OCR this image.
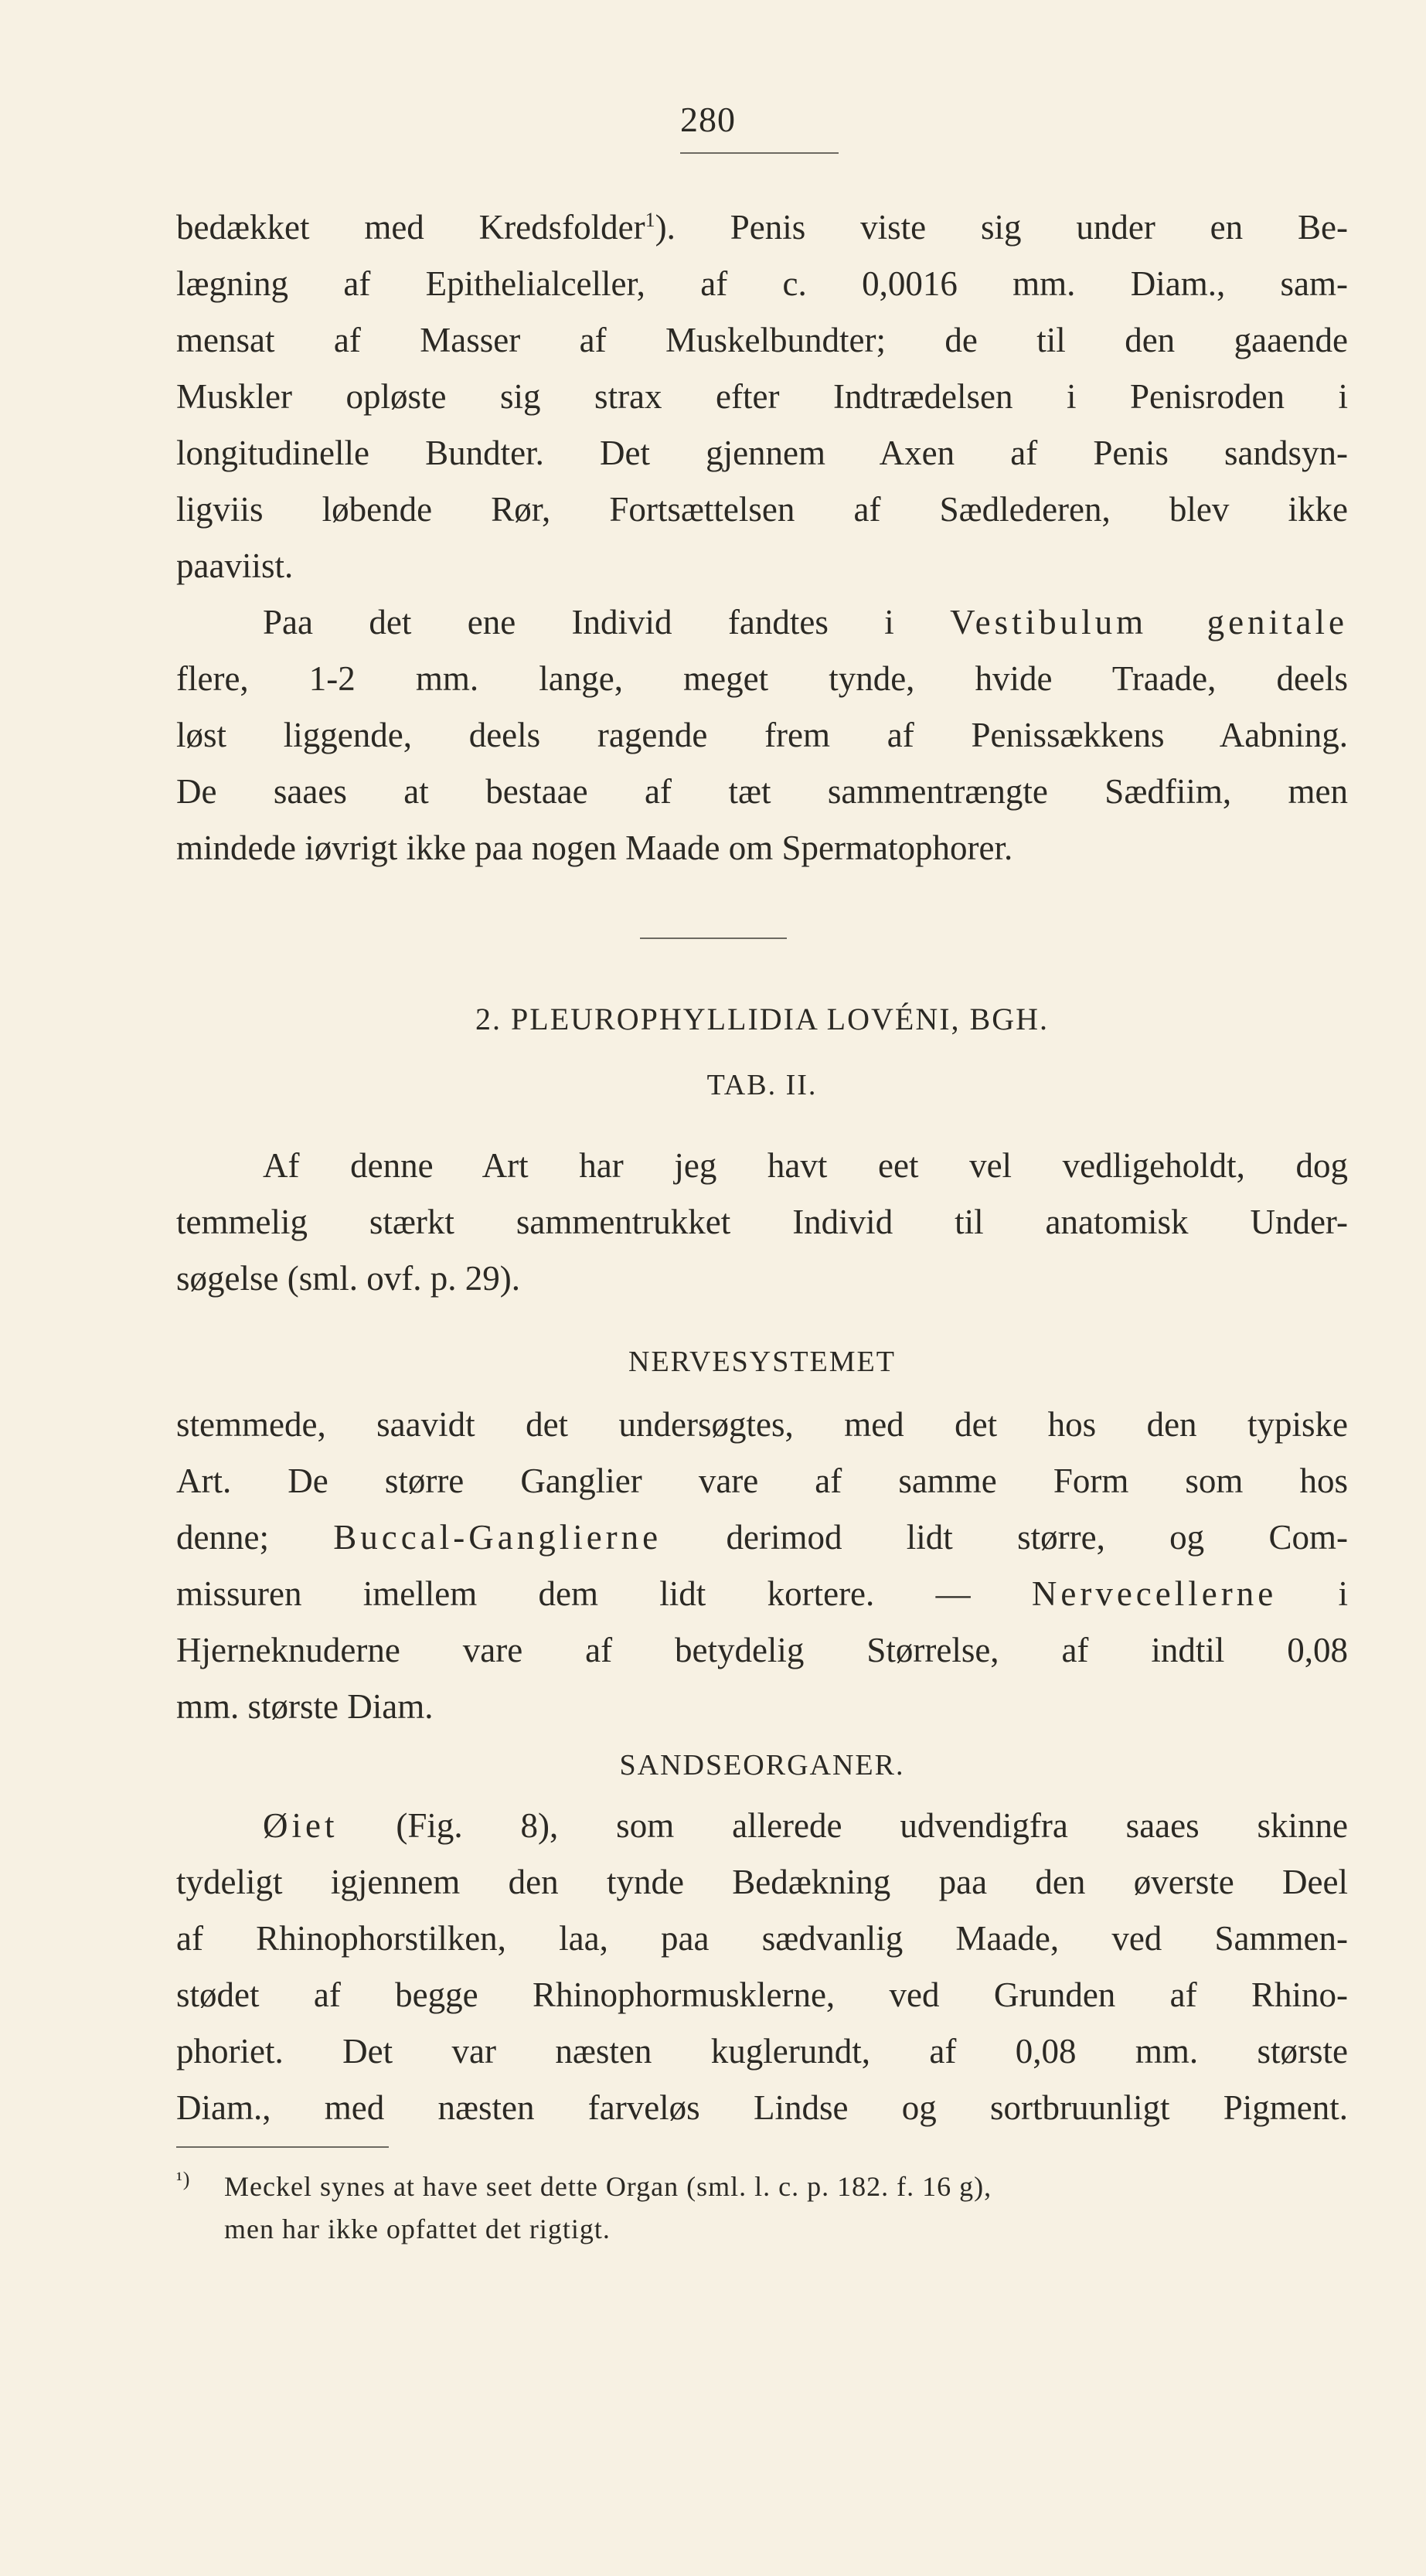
280
bedækket med Kredsfolder$^1$). Penis viste sig under en Be-
lægning af Epithelialceller, af c. 0,0016 mm. Diam., sam-
mensat af Masser af Muskelbundter; de til den gaaende
Muskler opløste sig strax efter Indtrædelsen i Penisroden i
longitudinelle Bundter. Det gjennem Axen af Penis sandsyn-
ligviis løbende Rør, Fortsættelsen af Sædlederen, blev ikke
paaviist.
Paa det ene Individ fandtes i Vestibulum genitale
flere, 1-2 mm. lange, meget tynde, hvide Traade, deels
løst liggende, deels ragende frem af Penissækkens Aabning.
De saaes at bestaae af tæt sammentrængte Sædfiim, men
mindede iøvrigt ikke paa nogen Maade om Spermatophorer.
2. PLEUROPHYLLIDIA LOVÉNI, BGH.
TAB. II.
Af denne Art har jeg havt eet vel vedligeholdt, dog
temmelig stærkt sammentrukket Individ til anatomisk Under-
søgelse (sml. ovf. p. 29).
NERVESYSTEMET
stemmede, saavidt det undersøgtes, med det hos den typiske
Art. De større Ganglier vare af samme Form som hos
denne; Buccal-Ganglierne derimod lidt større, og Com-
missuren imellem dem lidt kortere. — Nervecellerne i
Hjerneknuderne vare af betydelig Størrelse, af indtil 0,08
mm. største Diam.
SANDSEORGANER.
Øiet (Fig. 8), som allerede udvendigfra saaes skinne
tydeligt igjennem den tynde Bedækning paa den øverste Deel
af Rhinophorstilken, laa, paa sædvanlig Maade, ved Sammen-
stødet af begge Rhinophormusklerne, ved Grunden af Rhino-
phoriet. Det var næsten kuglerundt, af 0,08 mm. største
Diam., med næsten farveløs Lindse og sortbruunligt Pigment.
¹) Meckel synes at have seet dette Organ (sml. l. c. p. 182. f. 16 g),
men har ikke opfattet det rigtigt.
